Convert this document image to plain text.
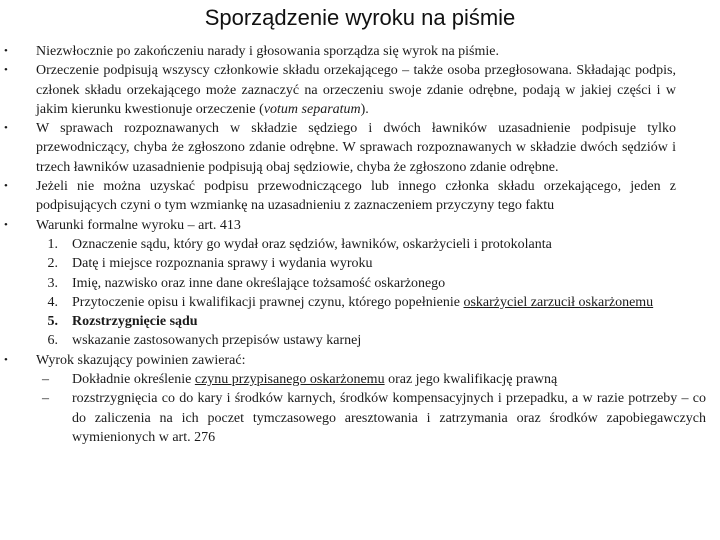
Sporządzenie wyroku na piśmie
• Niezwłocznie po zakończeniu narady i głosowania sporządza się wyrok na piśmie.
• Orzeczenie podpisują wszyscy członkowie składu orzekającego – także osoba przegłosowana. Składając podpis, członek składu orzekającego może zaznaczyć na orzeczeniu swoje zdanie odrębne, podają w jakiej części i w jakim kierunku kwestionuje orzeczenie (votum separatum).
• W sprawach rozpoznawanych w składzie sędziego i dwóch ławników uzasadnienie podpisuje tylko przewodniczący, chyba że zgłoszono zdanie odrębne. W sprawach rozpoznawanych w składzie dwóch sędziów i trzech ławników uzasadnienie podpisują obaj sędziowie, chyba że zgłoszono zdanie odrębne.
• Jeżeli nie można uzyskać podpisu przewodniczącego lub innego członka składu orzekającego, jeden z podpisujących czyni o tym wzmiankę na uzasadnieniu z zaznaczeniem przyczyny tego faktu
• Warunki formalne wyroku – art. 413
1. Oznaczenie sądu, który go wydał oraz sędziów, ławników, oskarżycieli i protokolanta
2. Datę i miejsce rozpoznania sprawy i wydania wyroku
3. Imię, nazwisko oraz inne dane określające tożsamość oskarżonego
4. Przytoczenie opisu i kwalifikacji prawnej czynu, którego popełnienie oskarżyciel zarzucił oskarżonemu
5. Rozstrzygnięcie sądu
6. wskazanie zastosowanych przepisów ustawy karnej
• Wyrok skazujący powinien zawierać:
– Dokładnie określenie czynu przypisanego oskarżonemu oraz jego kwalifikację prawną
– rozstrzygnięcia co do kary i środków karnych, środków kompensacyjnych i przepadku, a w razie potrzeby – co do zaliczenia na ich poczet tymczasowego aresztowania i zatrzymania oraz środków zapobiegawczych wymienionych w art. 276
